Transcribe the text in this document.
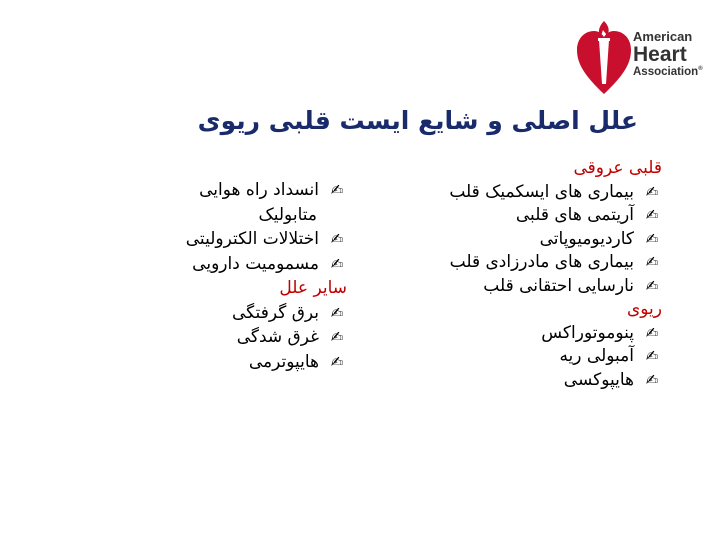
American
Heart
Association®
علل اصلی و شایع ایست قلبی ریوی
قلبی عروقی
✍بیماری های ایسکمیک قلب
✍آریتمی های قلبی
✍کاردیومیوپاتی
✍بیماری های مادرزادی قلب
✍نارسایی احتقانی قلب
ریوی
✍پنوموتوراکس
✍آمبولی ریه
✍هایپوکسی
✍انسداد راه هوایی
متابولیک
✍اختلالات الکترولیتی
✍مسمومیت دارویی
سایر علل
✍برق گرفتگی
✍غرق شدگی
✍هایپوترمی
